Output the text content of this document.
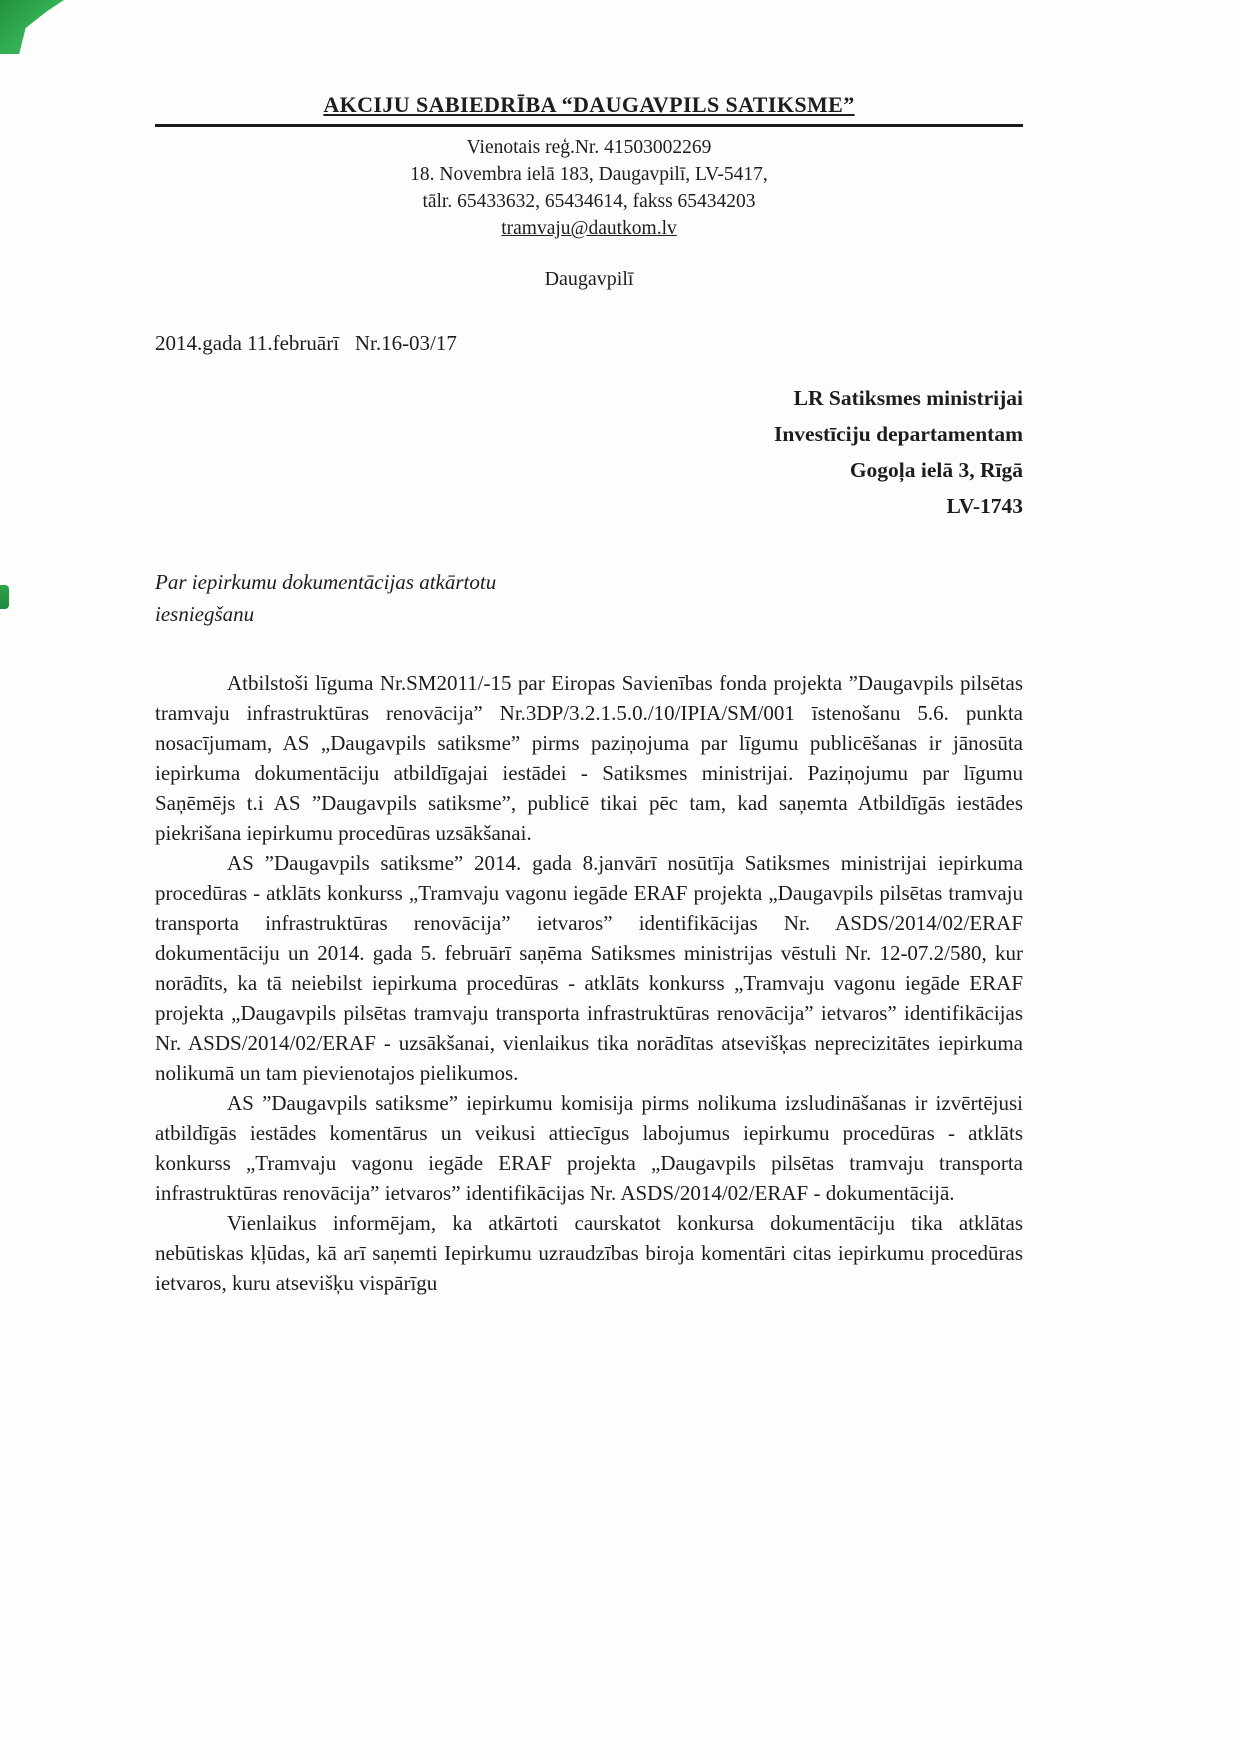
AKCIJU SABIEDRĪBA “DAUGAVPILS SATIKSME”
Vienotais reģ.Nr. 41503002269
18. Novembra ielā 183, Daugavpilī, LV-5417,
tālr. 65433632, 65434614, fakss 65434203
tramvaju@dautkom.lv
Daugavpilī
2014.gada 11.februārī   Nr.16-03/17
LR Satiksmes ministrijai
Investīciju departamentam
Gogoļa ielā 3, Rīgā
LV-1743
Par iepirkumu dokumentācijas atkārtotu
iesniegšanu

Atbilstoši līguma Nr.SM2011/-15 par Eiropas Savienības fonda projekta ”Daugavpils pilsētas tramvaju infrastruktūras renovācija” Nr.3DP/3.2.1.5.0./10/IPIA/SM/001 īstenošanu 5.6. punkta nosacījumam, AS „Daugavpils satiksme” pirms paziņojuma par līgumu publicēšanas ir jānosūta iepirkuma dokumentāciju atbildīgajai iestādei - Satiksmes ministrijai. Paziņojumu par līgumu Saņēmējs t.i AS ”Daugavpils satiksme”, publicē tikai pēc tam, kad saņemta Atbildīgās iestādes piekrišana iepirkumu procedūras uzsākšanai.

AS ”Daugavpils satiksme” 2014. gada 8.janvārī nosūtīja Satiksmes ministrijai iepirkuma procedūras - atklāts konkurss „Tramvaju vagonu iegāde ERAF projekta „Daugavpils pilsētas tramvaju transporta infrastruktūras renovācija” ietvaros” identifikācijas Nr. ASDS/2014/02/ERAF dokumentāciju un 2014. gada 5. februārī saņēma Satiksmes ministrijas vēstuli Nr. 12-07.2/580, kur norādīts, ka tā neiebilst iepirkuma procedūras - atklāts konkurss „Tramvaju vagonu iegāde ERAF projekta „Daugavpils pilsētas tramvaju transporta infrastruktūras renovācija” ietvaros” identifikācijas Nr. ASDS/2014/02/ERAF - uzsākšanai, vienlaikus tika norādītas atsevišķas neprecizitātes iepirkuma nolikumā un tam pievienotajos pielikumos.

AS ”Daugavpils satiksme” iepirkumu komisija pirms nolikuma izsludināšanas ir izvērtējusi atbildīgās iestādes komentārus un veikusi attiecīgus labojumus iepirkumu procedūras - atklāts konkurss „Tramvaju vagonu iegāde ERAF projekta „Daugavpils pilsētas tramvaju transporta infrastruktūras renovācija” ietvaros” identifikācijas Nr. ASDS/2014/02/ERAF - dokumentācijā.

Vienlaikus informējam, ka atkārtoti caurskatot konkursa dokumentāciju tika atklātas nebūtiskas kļūdas, kā arī saņemti Iepirkumu uzraudzības biroja komentāri citas iepirkumu procedūras ietvaros, kuru atsevišķu vispārīgu
